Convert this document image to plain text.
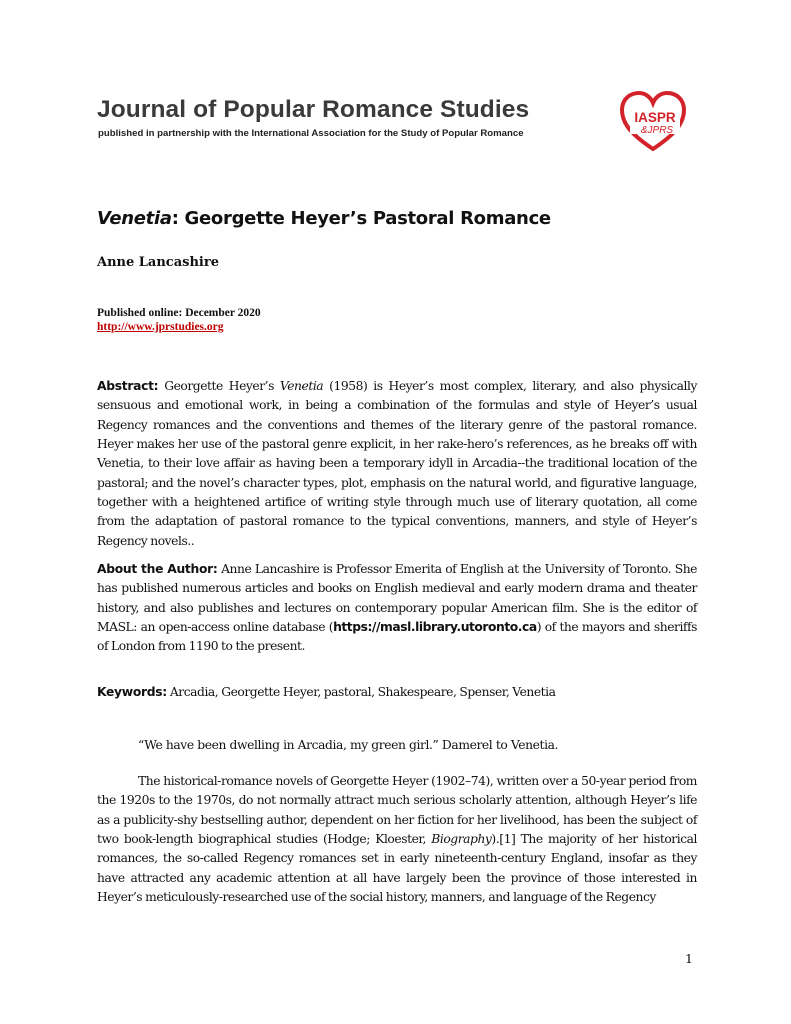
Journal of Popular Romance Studies
published in partnership with the International Association for the Study of Popular Romance
IASPR
&JPRS
Venetia: Georgette Heyer’s Pastoral Romance
Anne Lancashire
Published online: December 2020
http://www.jprstudies.org
Abstract: Georgette Heyer’s Venetia (1958) is Heyer’s most complex, literary, and also physically sensuous and emotional work, in being a combination of the formulas and style of Heyer’s usual Regency romances and the conventions and themes of the literary genre of the pastoral romance. Heyer makes her use of the pastoral genre explicit, in her rake-hero’s references, as he breaks off with Venetia, to their love affair as having been a temporary idyll in Arcadia--the traditional location of the pastoral; and the novel’s character types, plot, emphasis on the natural world, and figurative language, together with a heightened artifice of writing style through much use of literary quotation, all come from the adaptation of pastoral romance to the typical conventions, manners, and style of Heyer’s Regency novels..
About the Author: Anne Lancashire is Professor Emerita of English at the University of Toronto. She has published numerous articles and books on English medieval and early modern drama and theater history, and also publishes and lectures on contemporary popular American film. She is the editor of MASL: an open-access online database (https://masl.library.utoronto.ca) of the mayors and sheriffs of London from 1190 to the present.
Keywords: Arcadia, Georgette Heyer, pastoral, Shakespeare, Spenser, Venetia
“We have been dwelling in Arcadia, my green girl.” Damerel to Venetia.
The historical-romance novels of Georgette Heyer (1902–74), written over a 50-year period from the 1920s to the 1970s, do not normally attract much serious scholarly attention, although Heyer’s life as a publicity-shy bestselling author, dependent on her fiction for her livelihood, has been the subject of two book-length biographical studies (Hodge; Kloester, Biography).[1] The majority of her historical romances, the so-called Regency romances set in early nineteenth-century England, insofar as they have attracted any academic attention at all have largely been the province of those interested in Heyer’s meticulously-researched use of the social history, manners, and language of the Regency
1
